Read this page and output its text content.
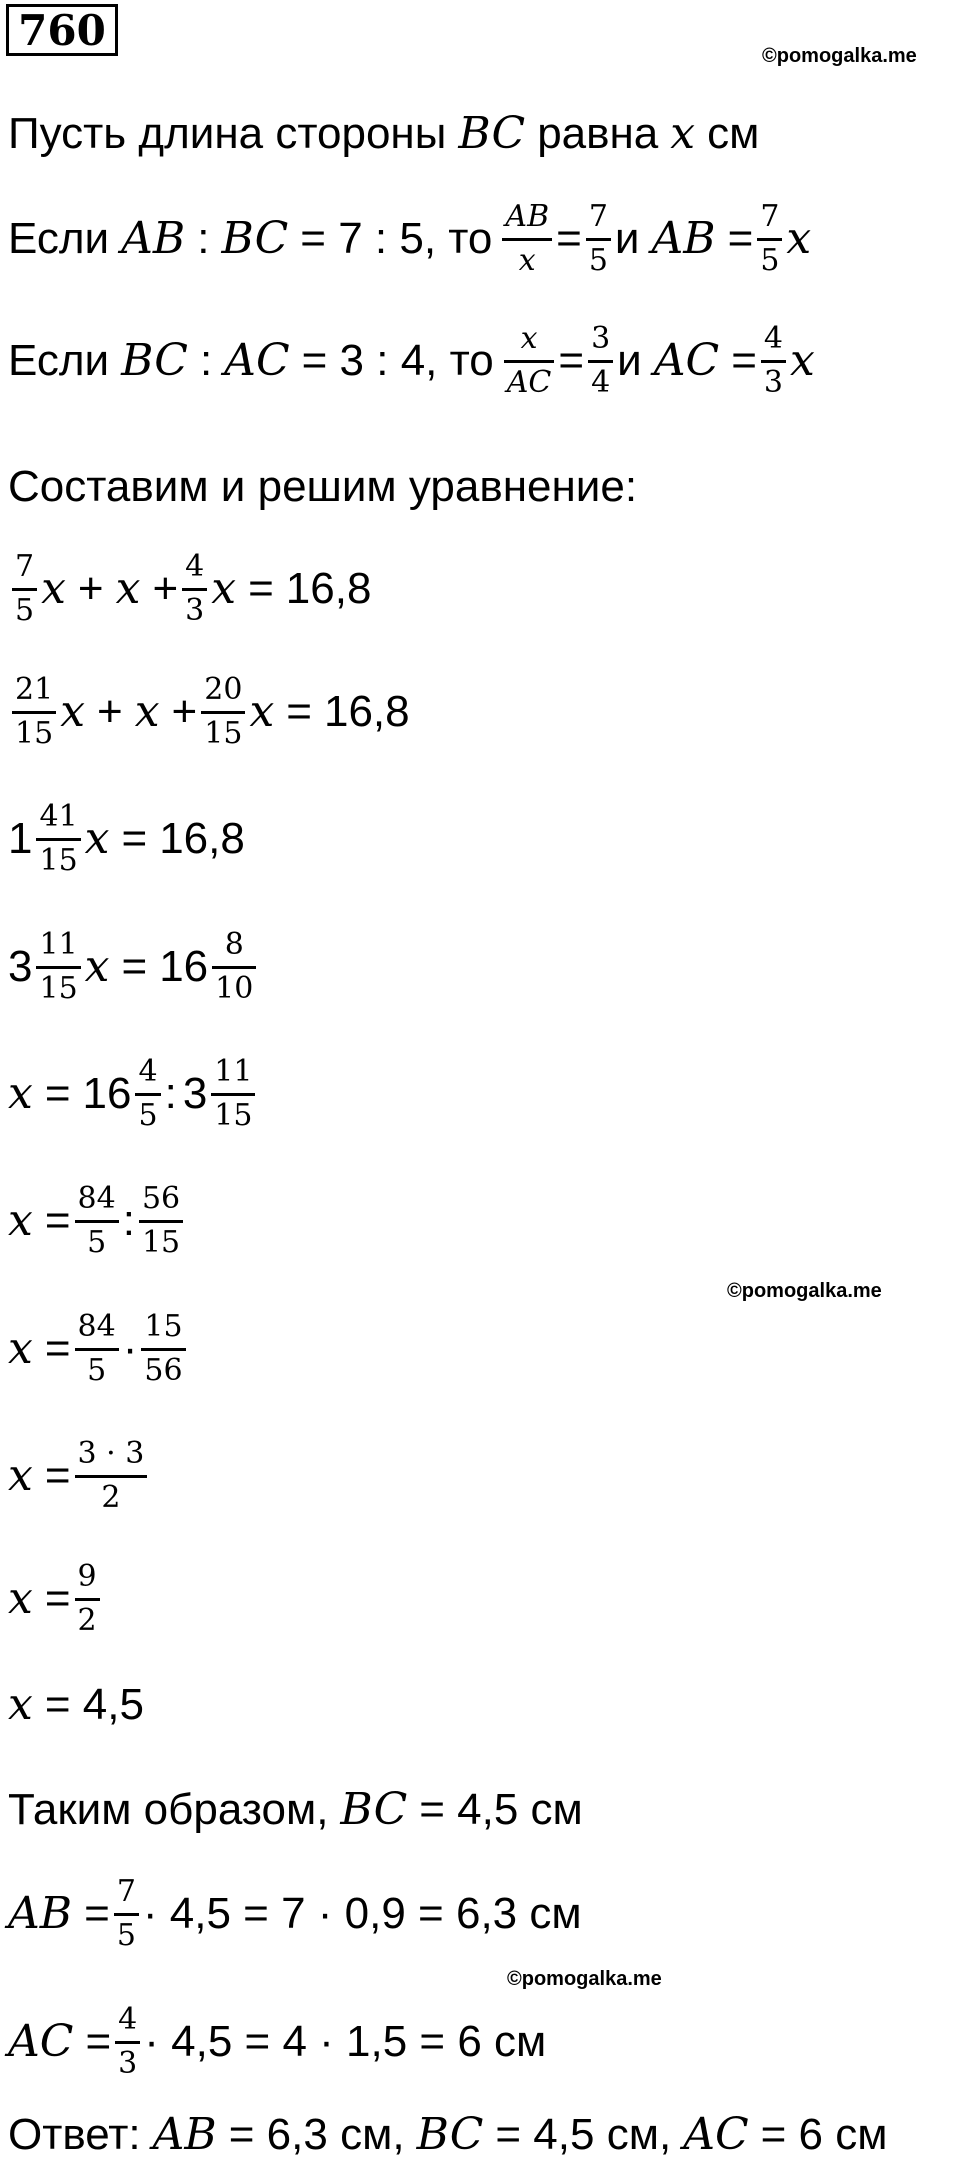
760
©pomogalka.me
©pomogalka.me
©pomogalka.me
Пусть длина стороны BC равна x см
Если AB : BC = 7 : 5 , то $\frac{AB}{x} = \frac{7}{5}$ и AB = $\frac{7}{5}$ x
Если BC : AC = 3 : 4 , то $\frac{x}{AC} = \frac{3}{4}$ и AC = $\frac{4}{3}$ x
Составим и решим уравнение:
$\frac{7}{5}$ $x + x + \frac{4}{3}$ x = 16,8
$\frac{21}{15}$ $x + x + \frac{20}{15}$ x = 16,8
$1 \frac{41}{15}$ x = 16,8
$3 \frac{11}{15}$ $x = 16 \frac{8}{10}$
$x = 16 \frac{4}{5}$ : $3 \frac{11}{15}$
$x = \frac{84}{5}$ : $\frac{56}{15}$
$x = \frac{84}{5} \cdot \frac{15}{56}$
$x = \frac{3 \cdot 3}{2}$
$x = \frac{9}{2}$
x = 4,5
Таким образом, BC = 4,5 см
AB = $\frac{7}{5} \cdot 4,5 = 7 \cdot 0,9 = 6,3$ см
AC = $\frac{4}{3} \cdot 4,5 = 4 \cdot 1,5 = 6$ см
Ответ: AB = 6,3 см, BC = 4,5 см, AC = 6 см
